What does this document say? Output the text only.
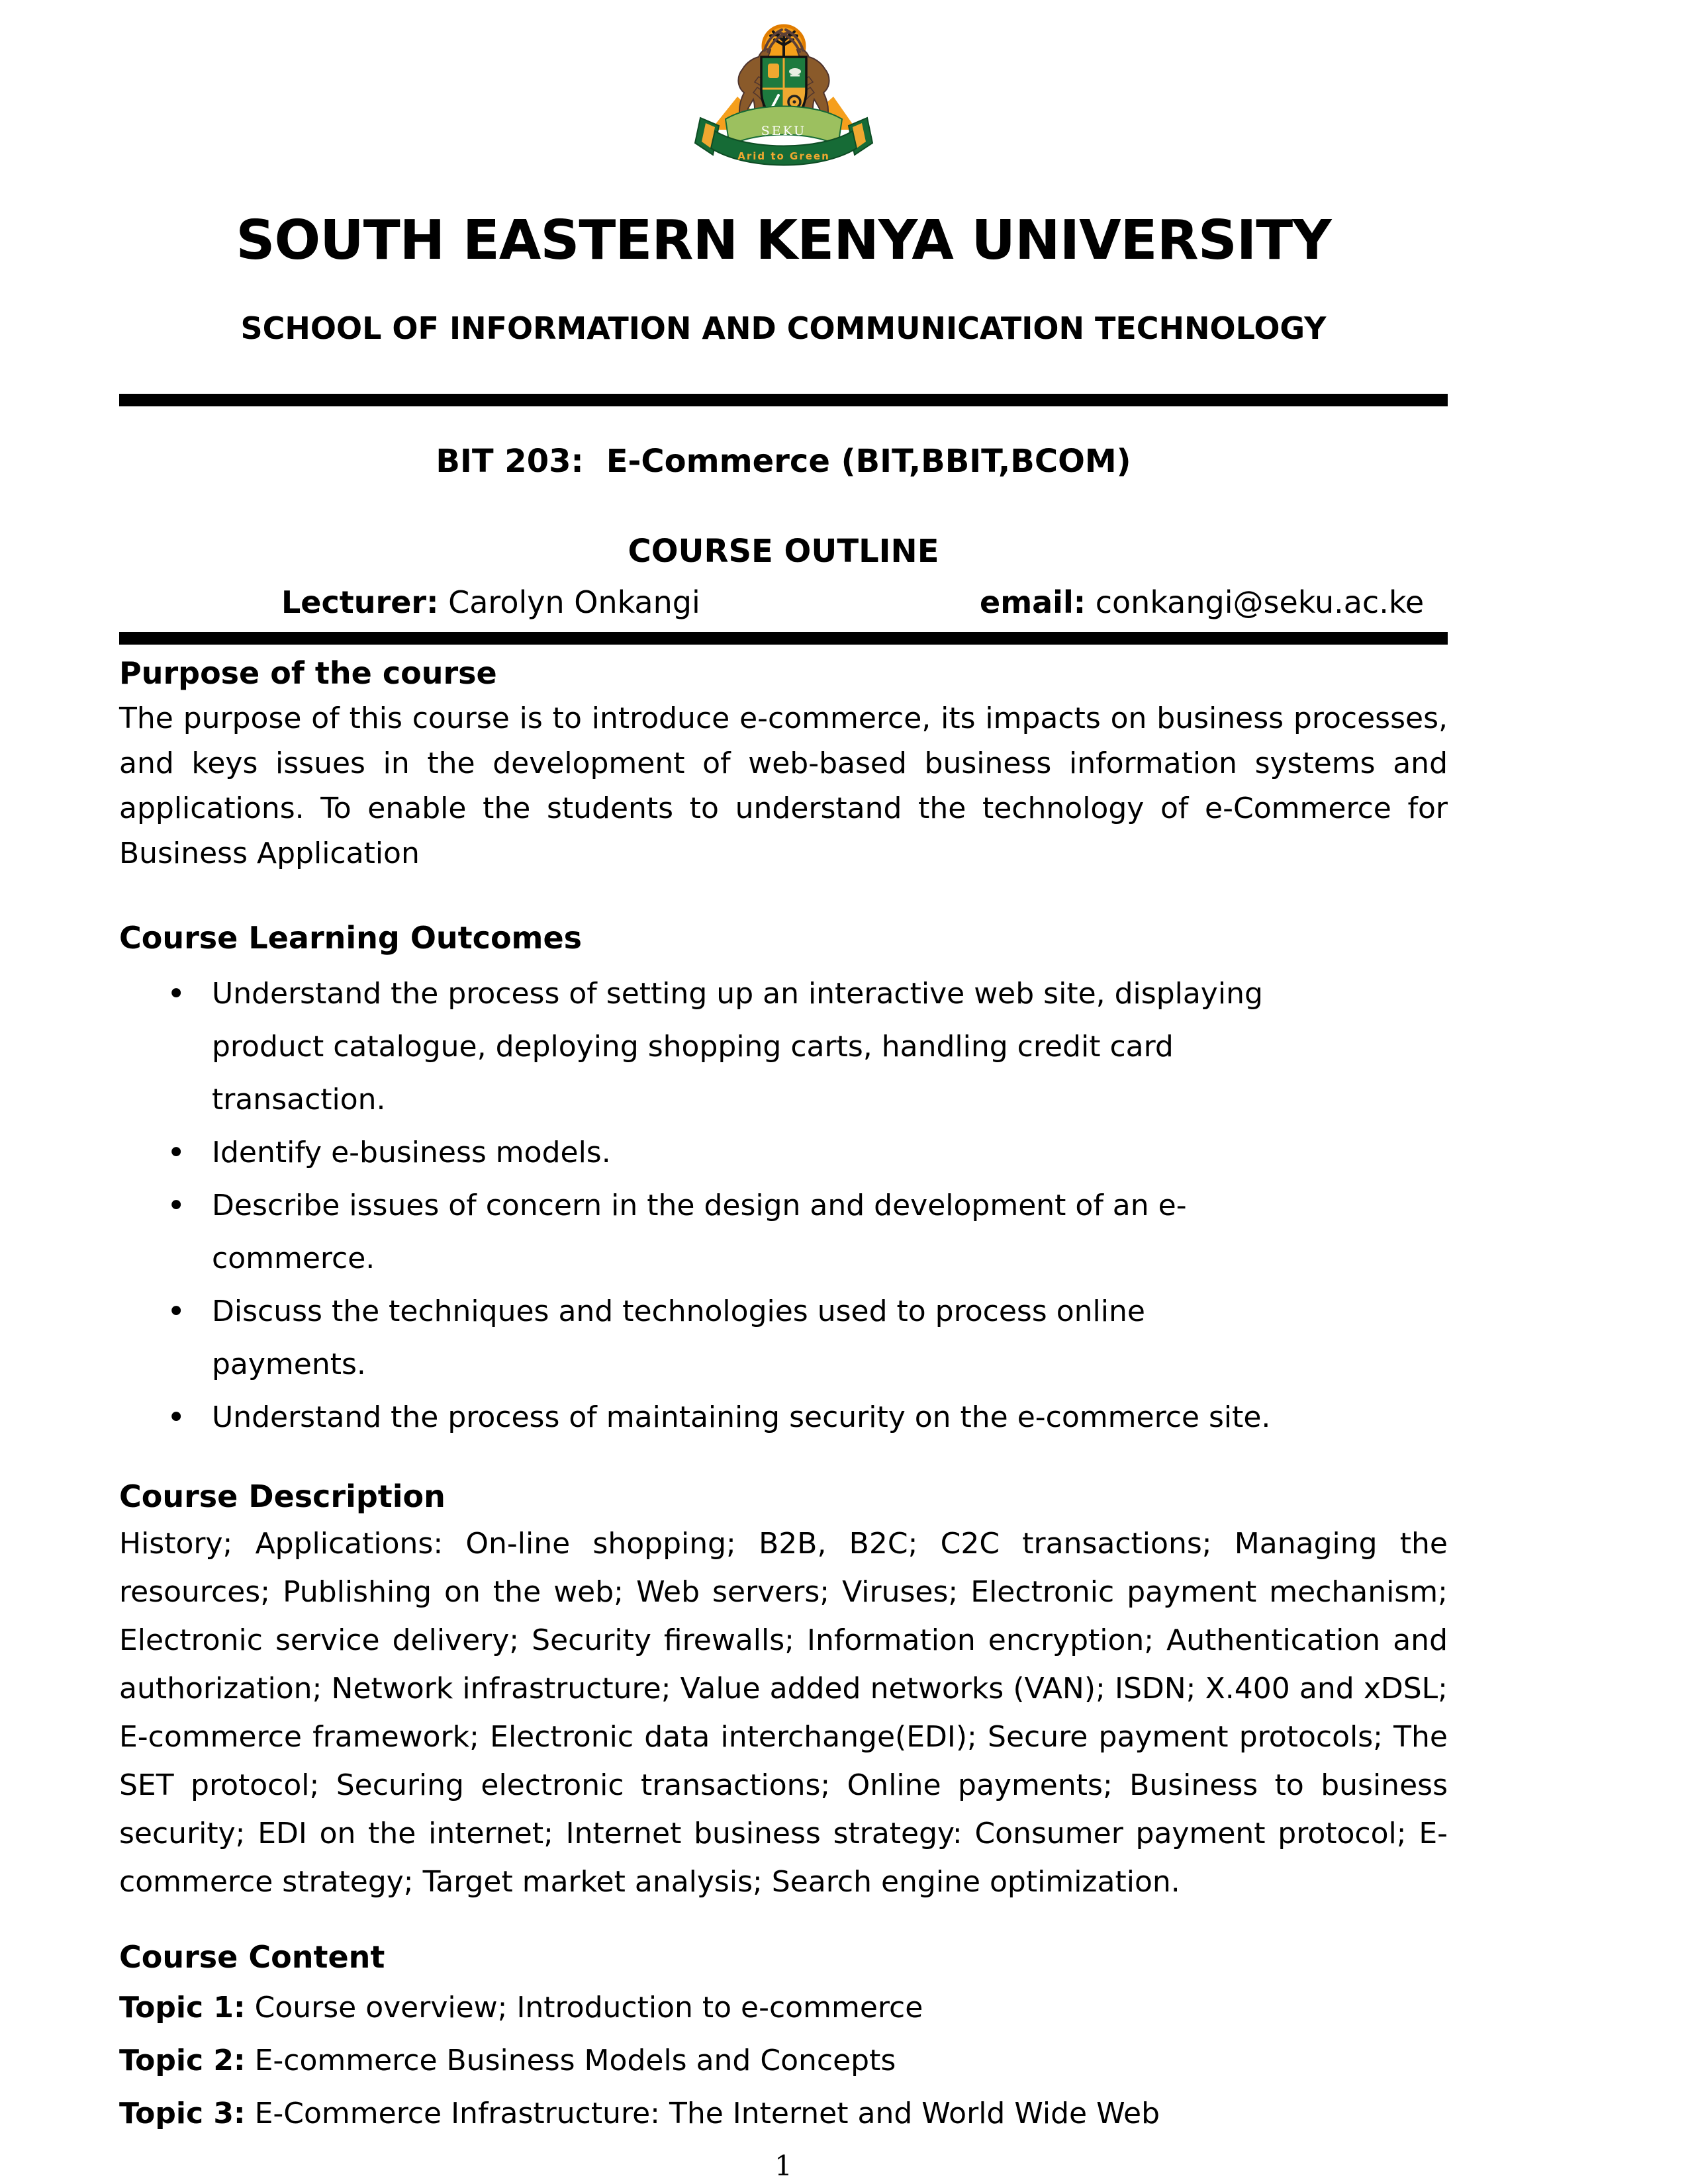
SEKU
Arid to Green
SOUTH EASTERN KENYA UNIVERSITY
SCHOOL OF INFORMATION AND COMMUNICATION TECHNOLOGY
BIT 203: E-Commerce (BIT,BBIT,BCOM)
COURSE OUTLINE
Lecturer: Carolyn Onkangi	email: conkangi@seku.ac.ke
Purpose of the course

The purpose of this course is to introduce e-commerce, its impacts on business processes, and keys issues in the development of web-based business information systems and applications. To enable the students to understand the technology of e-Commerce for Business Application

Course Learning Outcomes
• Understand the process of setting up an interactive web site, displaying product catalogue, deploying shopping carts, handling credit card transaction.
• Identify e-business models.
• Describe issues of concern in the design and development of an e-commerce.
• Discuss the techniques and technologies used to process online payments.
• Understand the process of maintaining security on the e-commerce site.
Course Description

History; Applications: On-line shopping; B2B, B2C; C2C transactions; Managing the resources; Publishing on the web; Web servers; Viruses; Electronic payment mechanism; Electronic service delivery; Security firewalls; Information encryption; Authentication and authorization; Network infrastructure; Value added networks (VAN); ISDN; X.400 and xDSL; E-commerce framework; Electronic data interchange(EDI); Secure payment protocols; The SET protocol; Securing electronic transactions; Online payments; Business to business security; EDI on the internet; Internet business strategy: Consumer payment protocol; E-commerce strategy; Target market analysis; Search engine optimization.

Course Content
Topic 1: Course overview; Introduction to e-commerce
Topic 2: E-commerce Business Models and Concepts
Topic 3: E-Commerce Infrastructure: The Internet and World Wide Web
1
